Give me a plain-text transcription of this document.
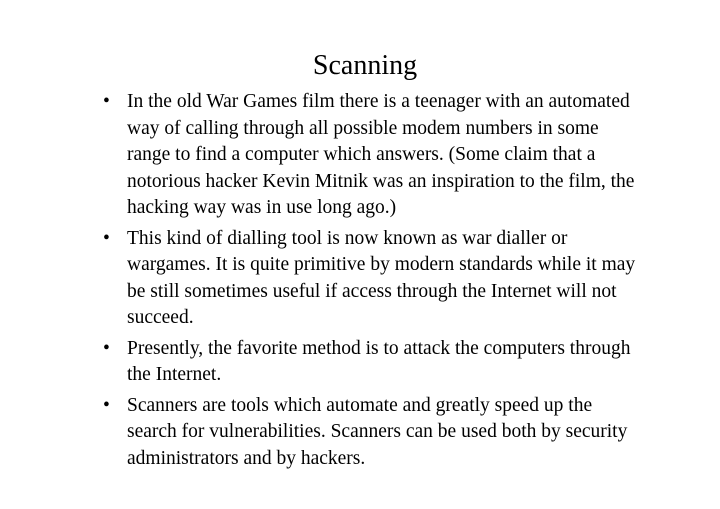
Scanning
• In the old War Games film there is a teenager with an automated way of calling through all possible modem numbers in some range to find a computer which answers. (Some claim that a notorious hacker Kevin Mitnik was an inspiration to the film, the hacking way was in use long ago.)
• This kind of dialling tool is now known as war dialler or wargames. It is quite primitive by modern standards while it may be still sometimes useful if access through the Internet will not succeed.
• Presently, the favorite method is to attack the computers through the Internet.
• Scanners are tools which automate and greatly speed up the search for vulnerabilities. Scanners can be used both by security administrators and by hackers.
